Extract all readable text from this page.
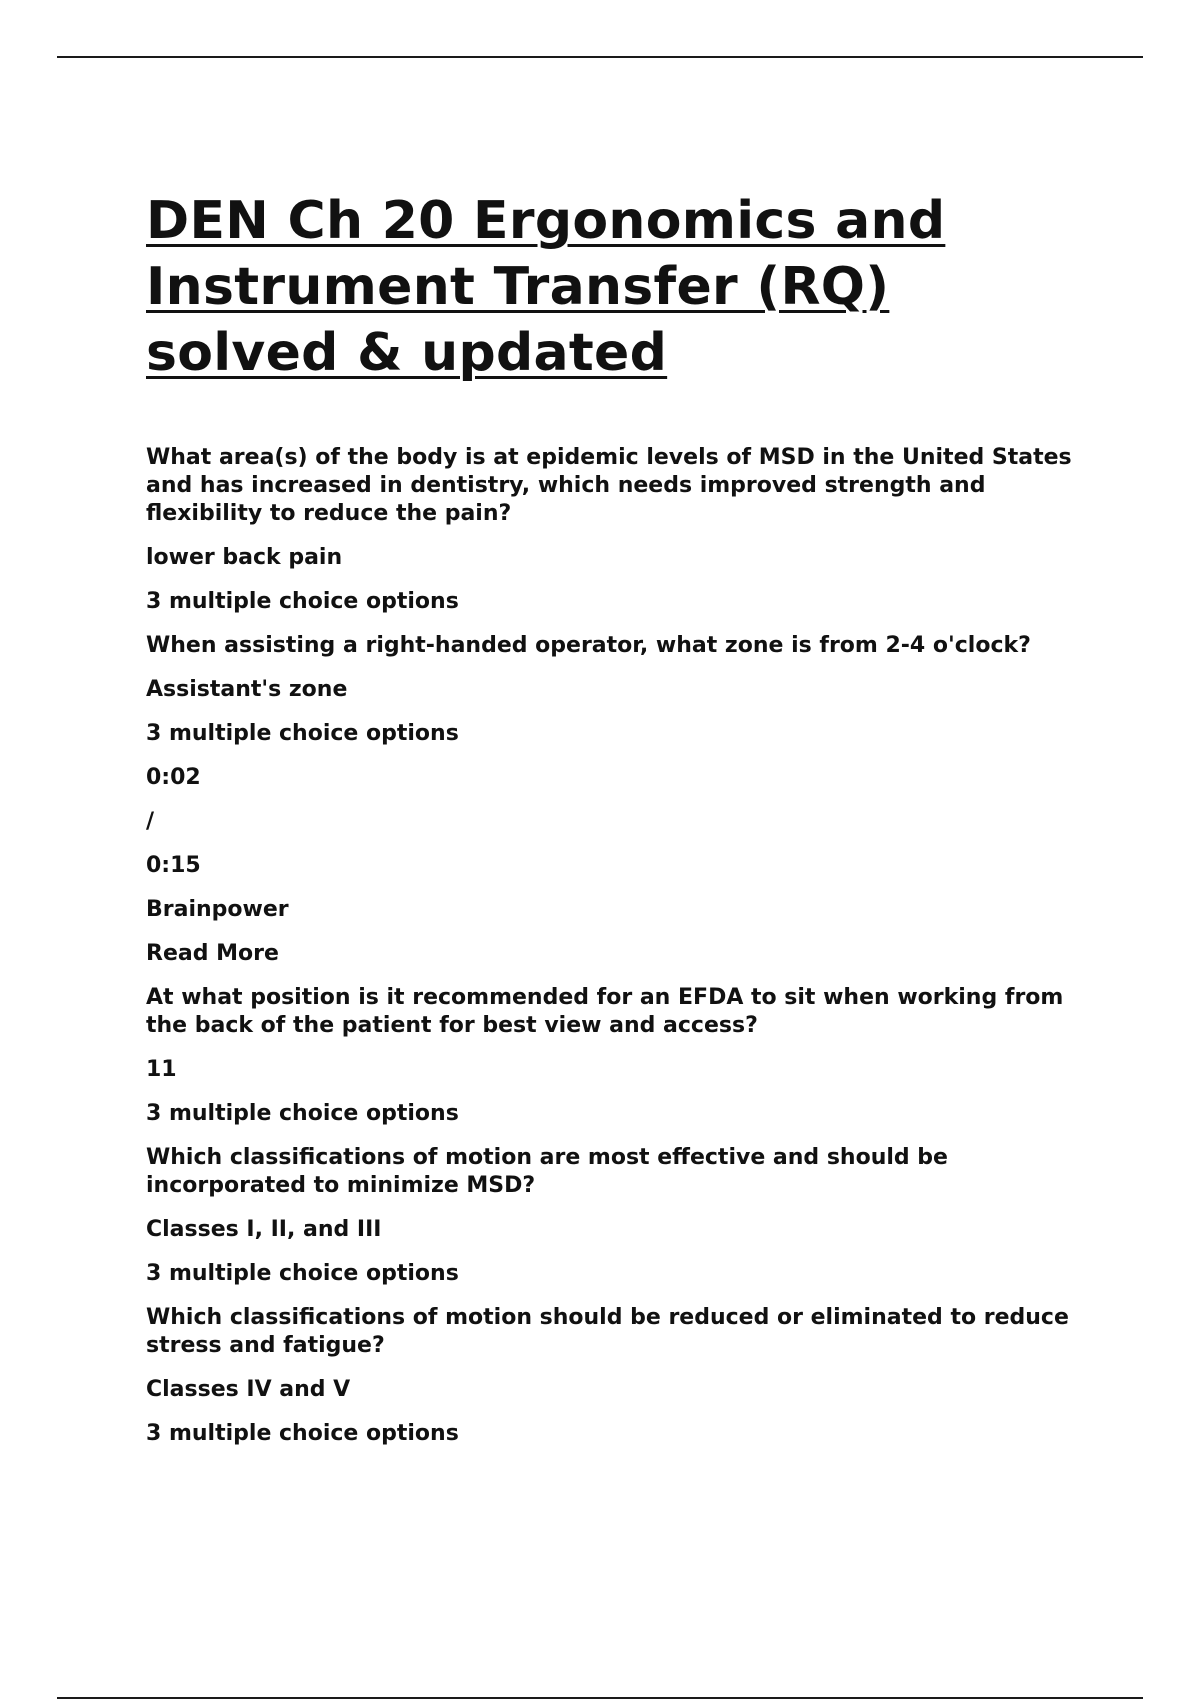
DEN Ch 20 Ergonomics and
Instrument Transfer (RQ)
solved & updated

What area(s) of the body is at epidemic levels of MSD in the United States
and has increased in dentistry, which needs improved strength and
flexibility to reduce the pain?

lower back pain

3 multiple choice options

When assisting a right-handed operator, what zone is from 2-4 o'clock?

Assistant's zone

3 multiple choice options

0:02

/

0:15

Brainpower

Read More

At what position is it recommended for an EFDA to sit when working from
the back of the patient for best view and access?

11

3 multiple choice options

Which classifications of motion are most effective and should be
incorporated to minimize MSD?

Classes I, II, and III

3 multiple choice options

Which classifications of motion should be reduced or eliminated to reduce
stress and fatigue?

Classes IV and V

3 multiple choice options
